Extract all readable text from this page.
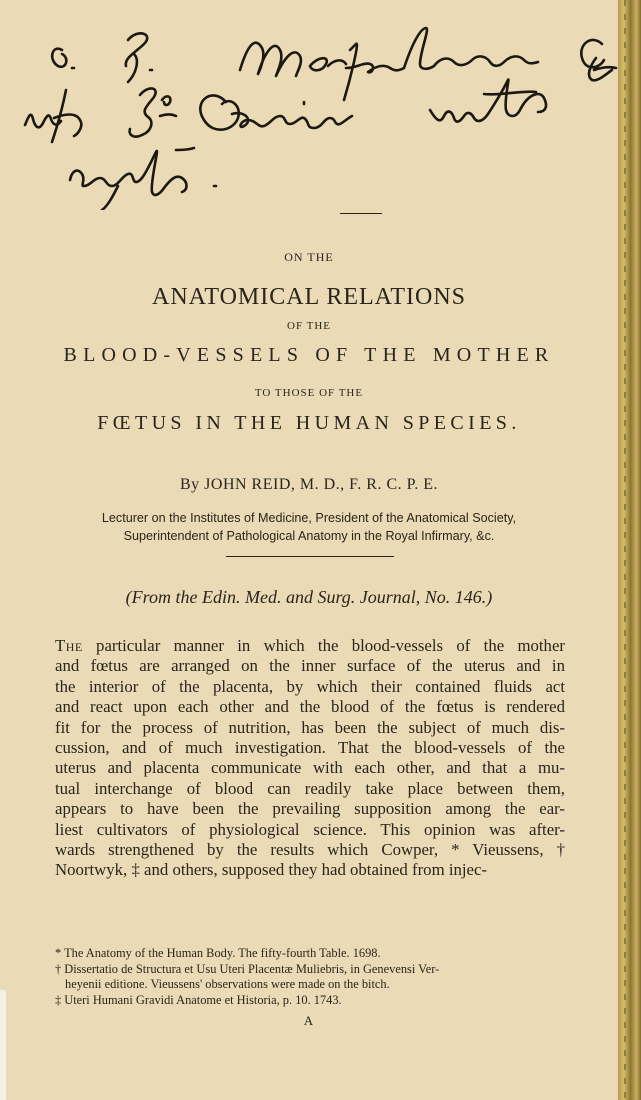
ON THE
ANATOMICAL RELATIONS
OF THE
BLOOD-VESSELS OF THE MOTHER
TO THOSE OF THE
FŒTUS IN THE HUMAN SPECIES.
By JOHN REID, M. D., F. R. C. P. E.
Lecturer on the Institutes of Medicine, President of the Anatomical Society,
Superintendent of Pathological Anatomy in the Royal Infirmary, &c.
(From the Edin. Med. and Surg. Journal, No. 146.)
The particular manner in which the blood-vessels of the mother
and fœtus are arranged on the inner surface of the uterus and in
the interior of the placenta, by which their contained fluids act
and react upon each other and the blood of the fœtus is rendered
fit for the process of nutrition, has been the subject of much dis-
cussion, and of much investigation. That the blood-vessels of the
uterus and placenta communicate with each other, and that a mu-
tual interchange of blood can readily take place between them,
appears to have been the prevailing supposition among the ear-
liest cultivators of physiological science. This opinion was after-
wards strengthened by the results which Cowper, * Vieussens, †
Noortwyk, ‡ and others, supposed they had obtained from injec-
* The Anatomy of the Human Body. The fifty-fourth Table. 1698.
† Dissertatio de Structura et Usu Uteri Placentæ Muliebris, in Genevensi Ver-
heyenii editione. Vieussens' observations were made on the bitch.
‡ Uteri Humani Gravidi Anatome et Historia, p. 10. 1743.
A
